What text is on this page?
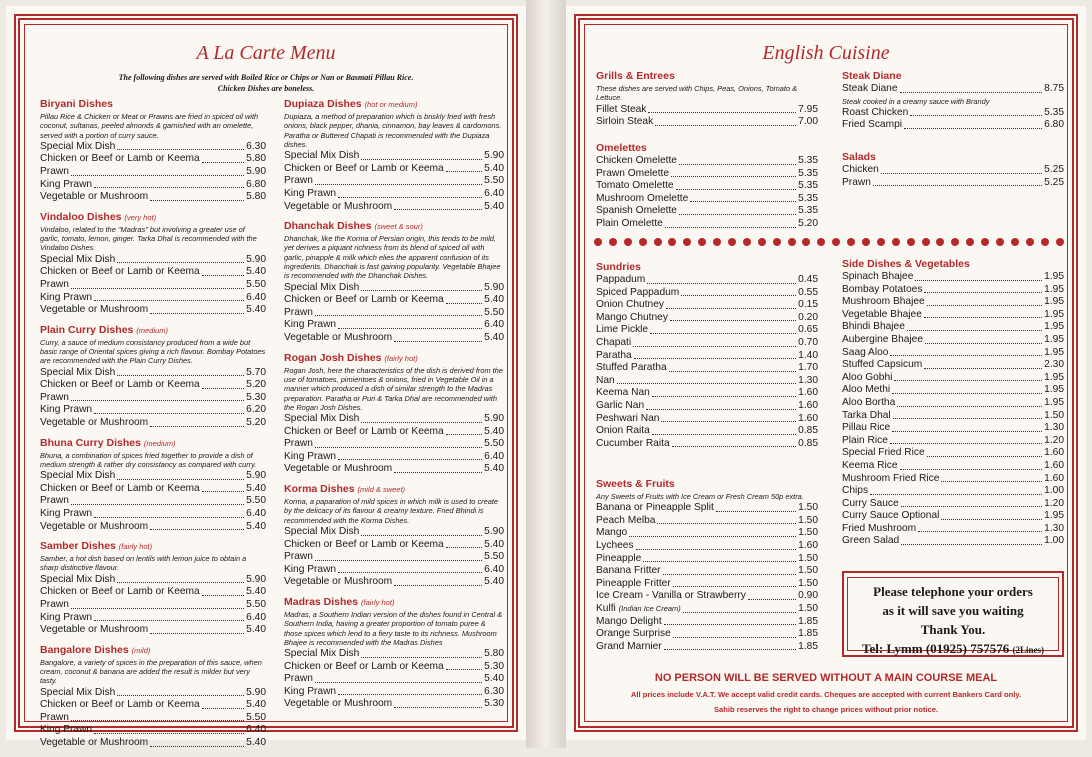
A La Carte Menu
The following dishes are served with Boiled Rice or Chips or Nan or Basmati Pillau Rice.
Chicken Dishes are boneless.
Biryani Dishes
Pillau Rice & Chicken or Meat or Prawns are fried in spiced oil with coconut, sultanas, peeled almonds & garnished with an omelette, served with a portion of curry sauce.
Special Mix Dish	6.30
Chicken or Beef or Lamb or Keema	5.80
Prawn	5.90
King Prawn	6.80
Vegetable or Mushroom	5.80
Vindaloo Dishes (very hot)
Vindaloo, related to the "Madras" but involving a greater use of garlic, tomato, lemon, ginger. Tarka Dhal is recommended with the Vindaloo Dishes.
Special Mix Dish	5.90
Chicken or Beef or Lamb or Keema	5.40
Prawn	5.50
King Prawn	6.40
Vegetable or Mushroom	5.40
Plain Curry Dishes (medium)
Curry, a sauce of medium consistancy produced from a wide but basic range of Oriental spices giving a rich flavour. Bombay Potatoes are recommended with the Plain Curry Dishes.
Special Mix Dish	5.70
Chicken or Beef or Lamb or Keema	5.20
Prawn	5.30
King Prawn	6.20
Vegetable or Mushroom	5.20
Bhuna Curry Dishes (medium)
Bhuna, a combination of spices fried together to provide a dish of medium strength & rather dry consistancy as compared with curry.
Special Mix Dish	5.90
Chicken or Beef or Lamb or Keema	5.40
Prawn	5.50
King Prawn	6.40
Vegetable or Mushroom	5.40
Samber Dishes (fairly hot)
Samber, a hot dish based on lentils with lemon juice to obtain a sharp distinctive flavour.
Special Mix Dish	5.90
Chicken or Beef or Lamb or Keema	5.40
Prawn	5.50
King Prawn	6.40
Vegetable or Mushroom	5.40
Bangalore Dishes (mild)
Bangalore, a variety of spices in the preparation of this sauce, when cream, coconut & banana are added the result is milder but very tasty.
Special Mix Dish	5.90
Chicken or Beef or Lamb or Keema	5.40
Prawn	5.50
King Prawn	6.40
Vegetable or Mushroom	5.40
Dupiaza Dishes (hot or medium)
Dupiaza, a method of preparation which is briskly fried with fresh onions, black pepper, dhania, cinnamon, bay leaves & cardomons. Paratha or Buttered Chapati is recommended with the Dupiaza dishes.
Special Mix Dish	5.90
Chicken or Beef or Lamb or Keema	5.40
Prawn	5.50
King Prawn	6.40
Vegetable or Mushroom	5.40
Dhanchak Dishes (sweet & sour)
Dhanchak, like the Korma of Persian origin, this tends to be mild, yet derives a piquant richness from its blend of spiced oil with garlic, pinapple & milk which elies the apparent confusion of its ingredients. Dhanchak is fast gaining popularity. Vegetable Bhajee is recommended with the Dhanchak Dishes.
Special Mix Dish	5.90
Chicken or Beef or Lamb or Keema	5.40
Prawn	5.50
King Prawn	6.40
Vegetable or Mushroom	5.40
Rogan Josh Dishes (fairly hot)
Rogan Josh, here the characteristics of the dish is derived from the use of tomatoes, pimientoes & onions, fried in Vegetable Oil in a manner which produced a dish of similar strength to the Madras preparation. Paratha or Puri & Tarka Dhal are recommended with the Rogan Josh Dishes.
Special Mix Dish	5.90
Chicken or Beef or Lamb or Keema	5.40
Prawn	5.50
King Prawn	6.40
Vegetable or Mushroom	5.40
Korma Dishes (mild & sweet)
Korma, a paparation of mild spices in which milk is used to create by the delicacy of its flavour & creamy texture. Fried Bhindi is recommended with the Korma Dishes.
Special Mix Dish	5.90
Chicken or Beef or Lamb or Keema	5.40
Prawn	5.50
King Prawn	6.40
Vegetable or Mushroom	5.40
Madras Dishes (fairly hot)
Madras, a Southern Indian version of the dishes found in Central & Southern India, having a greater proportion of tomato puree & those spices which lend to a fiery taste to its richness. Mushroom Bhajee is recommended with the Madras Dishes
Special Mix Dish	5.80
Chicken or Beef or Lamb or Keema	5.30
Prawn	5.40
King Prawn	6.30
Vegetable or Mushroom	5.30
English Cuisine
Grills & Entrees
These dishes are served with Chips, Peas, Onions, Tomato & Lettuce.
Fillet Steak	7.95
Sirloin Steak	7.00
Omelettes
Chicken Omelette	5.35
Prawn Omelette	5.35
Tomato Omelette	5.35
Mushroom Omelette	5.35
Spanish Omelette	5.35
Plain Omelette	5.20
Steak Diane
Steak Diane	8.75
Steak cooked in a creamy sauce with Brandy
Roast Chicken	5.35
Fried Scampi	6.80
Salads
Chicken	5.25
Prawn	5.25
Sundries
Pappadum	0.45
Spiced Pappadum	0.55
Onion Chutney	0.15
Mango Chutney	0.20
Lime Pickle	0.65
Chapati	0.70
Paratha	1.40
Stuffed Paratha	1.70
Nan	1.30
Keema Nan	1.60
Garlic Nan	1.60
Peshwari Nan	1.60
Onion Raita	0.85
Cucumber Raita	0.85
Sweets & Fruits
Any Sweets of Fruits with Ice Cream or Fresh Cream 50p extra.
Banana or Pineapple Split	1.50
Peach Melba	1.50
Mango	1.50
Lychees	1.60
Pineapple	1.50
Banana Fritter	1.50
Pineapple Fritter	1.50
Ice Cream - Vanilla or Strawberry	0.90
Kulfi (Indian Ice Cream)	1.50
Mango Delight	1.85
Orange Surprise	1.85
Grand Marnier	1.85
Side Dishes & Vegetables
Spinach Bhajee	1.95
Bombay Potatoes	1.95
Mushroom Bhajee	1.95
Vegetable Bhajee	1.95
Bhindi Bhajee	1.95
Aubergine Bhajee	1.95
Saag Aloo	1.95
Stuffed Capsicum	2.30
Aloo Gobhi	1.95
Aloo Methi	1.95
Aloo Bortha	1.95
Tarka Dhal	1.50
Pillau Rice	1.30
Plain Rice	1.20
Special Fried Rice	1.60
Keema Rice	1.60
Mushroom Fried Rice	1.60
Chips	1.00
Curry Sauce	1.20
Curry Sauce Optional	1.95
Fried Mushroom	1.30
Green Salad	1.00
Please telephone your orders
as it will save you waiting
Thank You.
Tel: Lymm (01925) 757576 (2Lines)
NO PERSON WILL BE SERVED WITHOUT A MAIN COURSE MEAL
All prices include V.A.T. We accept valid credit cards. Cheques are accepted with current Bankers Card only.
Sahib reserves the right to change prices without prior notice.
